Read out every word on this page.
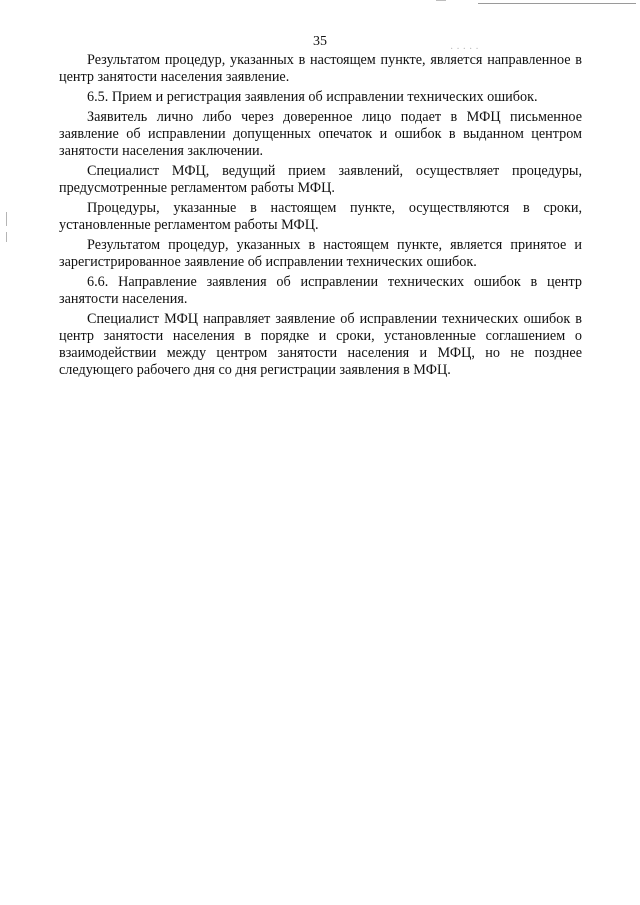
·····
35

Результатом процедур, указанных в настоящем пункте, является направленное в центр занятости населения заявление.

6.5. Прием и регистрация заявления об исправлении технических ошибок.

Заявитель лично либо через доверенное лицо подает в МФЦ письменное заявление об исправлении допущенных опечаток и ошибок в выданном центром занятости населения заключении.

Специалист МФЦ, ведущий прием заявлений, осуществляет процедуры, предусмотренные регламентом работы МФЦ.

Процедуры, указанные в настоящем пункте, осуществляются в сроки, установленные регламентом работы МФЦ.

Результатом процедур, указанных в настоящем пункте, является принятое и зарегистрированное заявление об исправлении технических ошибок.

6.6. Направление заявления об исправлении технических ошибок в центр занятости населения.

Специалист МФЦ направляет заявление об исправлении технических ошибок в центр занятости населения в порядке и сроки, установленные соглашением о взаимодействии между центром занятости населения и МФЦ, но не позднее следующего рабочего дня со дня регистрации заявления в МФЦ.
